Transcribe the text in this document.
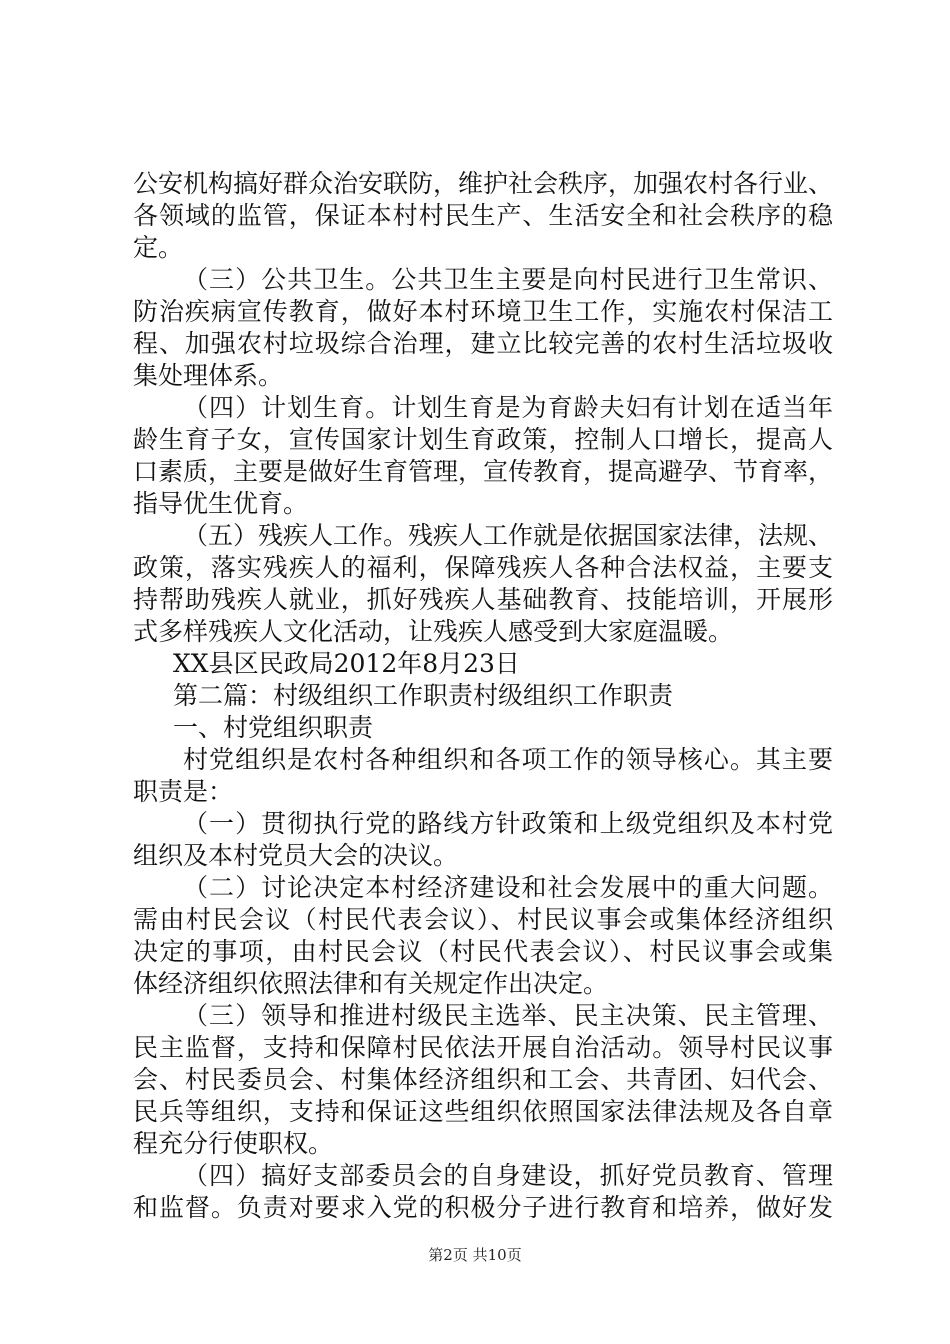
公安机构搞好群众治安联防，维护社会秩序，加强农村各行业、
各领域的监管，保证本村村民生产、生活安全和社会秩序的稳
定。
（三）公共卫生。公共卫生主要是向村民进行卫生常识、
防治疾病宣传教育，做好本村环境卫生工作，实施农村保洁工
程、加强农村垃圾综合治理，建立比较完善的农村生活垃圾收
集处理体系。
（四）计划生育。计划生育是为育龄夫妇有计划在适当年
龄生育子女，宣传国家计划生育政策，控制人口增长，提高人
口素质，主要是做好生育管理，宣传教育，提高避孕、节育率，
指导优生优育。
（五）残疾人工作。残疾人工作就是依据国家法律，法规、
政策，落实残疾人的福利，保障残疾人各种合法权益，主要支
持帮助残疾人就业，抓好残疾人基础教育、技能培训，开展形
式多样残疾人文化活动，让残疾人感受到大家庭温暖。
XX县区民政局2012年8月23日
第二篇：村级组织工作职责村级组织工作职责
一、村党组织职责
村党组织是农村各种组织和各项工作的领导核心。其主要
职责是：
（一）贯彻执行党的路线方针政策和上级党组织及本村党
组织及本村党员大会的决议。
（二）讨论决定本村经济建设和社会发展中的重大问题。
需由村民会议（村民代表会议）、村民议事会或集体经济组织
决定的事项，由村民会议（村民代表会议）、村民议事会或集
体经济组织依照法律和有关规定作出决定。
（三）领导和推进村级民主选举、民主决策、民主管理、
民主监督，支持和保障村民依法开展自治活动。领导村民议事
会、村民委员会、村集体经济组织和工会、共青团、妇代会、
民兵等组织，支持和保证这些组织依照国家法律法规及各自章
程充分行使职权。
（四）搞好支部委员会的自身建设，抓好党员教育、管理
和监督。负责对要求入党的积极分子进行教育和培养，做好发
第2页 共10页
